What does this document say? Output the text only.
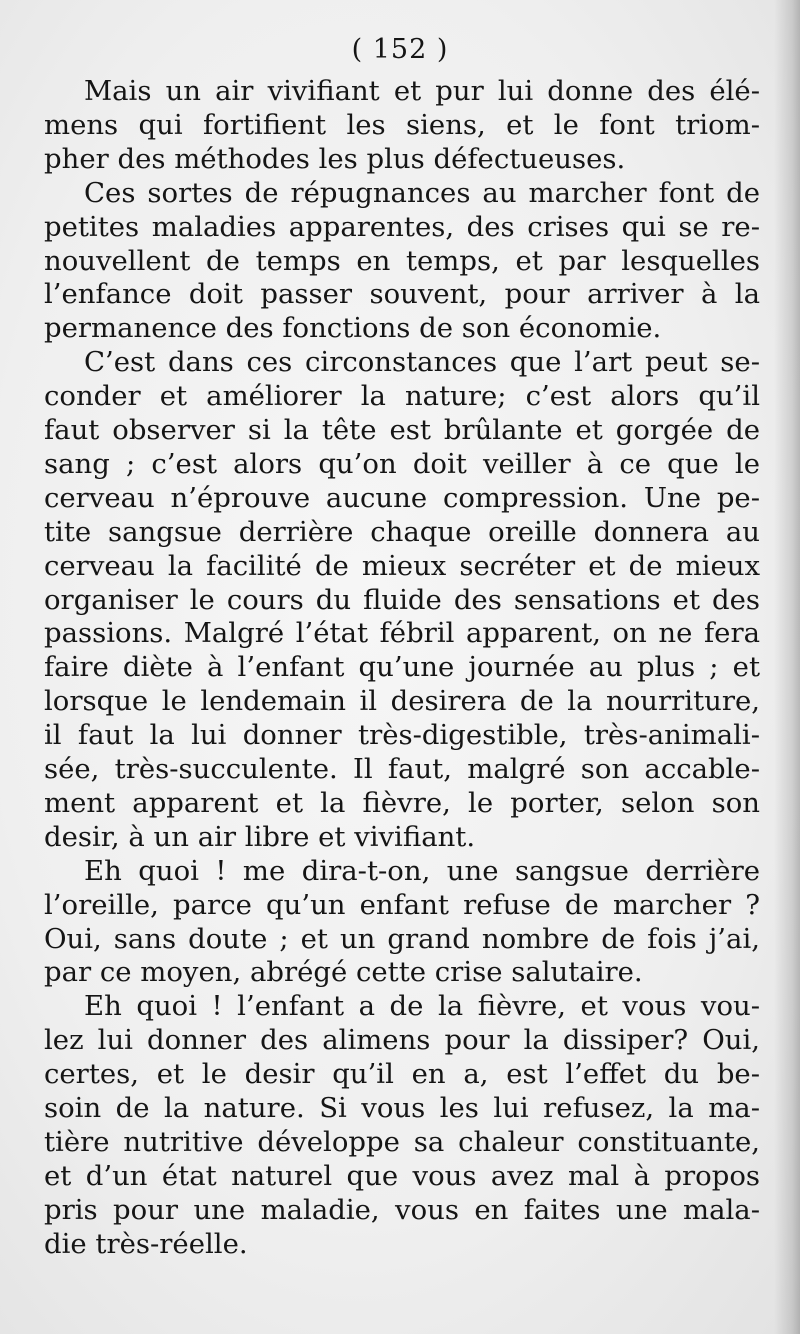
( 152 )
Mais un air vivifiant et pur lui donne des élé-
mens qui fortifient les siens, et le font triom-
pher des méthodes les plus défectueuses.
Ces sortes de répugnances au marcher font de
petites maladies apparentes, des crises qui se re-
nouvellent de temps en temps, et par lesquelles
l’enfance doit passer souvent, pour arriver à la
permanence des fonctions de son économie.
C’est dans ces circonstances que l’art peut se-
conder et améliorer la nature; c’est alors qu’il
faut observer si la tête est brûlante et gorgée de
sang ; c’est alors qu’on doit veiller à ce que le
cerveau n’éprouve aucune compression. Une pe-
tite sangsue derrière chaque oreille donnera au
cerveau la facilité de mieux secréter et de mieux
organiser le cours du fluide des sensations et des
passions. Malgré l’état fébril apparent, on ne fera
faire diète à l’enfant qu’une journée au plus ; et
lorsque le lendemain il desirera de la nourriture,
il faut la lui donner très-digestible, très-animali-
sée, très-succulente. Il faut, malgré son accable-
ment apparent et la fièvre, le porter, selon son
desir, à un air libre et vivifiant.
Eh quoi ! me dira-t-on, une sangsue derrière
l’oreille, parce qu’un enfant refuse de marcher ?
Oui, sans doute ; et un grand nombre de fois j’ai,
par ce moyen, abrégé cette crise salutaire.
Eh quoi ! l’enfant a de la fièvre, et vous vou-
lez lui donner des alimens pour la dissiper? Oui,
certes, et le desir qu’il en a, est l’effet du be-
soin de la nature. Si vous les lui refusez, la ma-
tière nutritive développe sa chaleur constituante,
et d’un état naturel que vous avez mal à propos
pris pour une maladie, vous en faites une mala-
die très-réelle.
